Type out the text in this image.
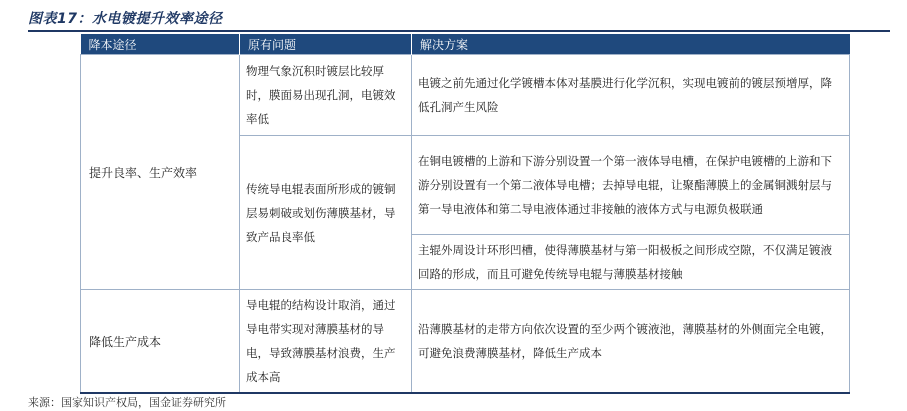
图表17：水电镀提升效率途径
降本途径	原有问题	解决方案
提升良率、生产效率	物理气象沉积时镀层比较厚时，膜面易出现孔洞，电镀效率低	电镀之前先通过化学镀槽本体对基膜进行化学沉积，实现电镀前的镀层预增厚，降低孔洞产生风险
	传统导电辊表面所形成的镀铜层易刺破或划伤薄膜基材，导致产品良率低	在铜电镀槽的上游和下游分别设置一个第一液体导电槽，在保护电镀槽的上游和下游分别设置有一个第二液体导电槽；去掉导电辊，让聚酯薄膜上的金属铜溅射层与第一导电液体和第二导电液体通过非接触的液体方式与电源负极联通
		主辊外周设计环形凹槽，使得薄膜基材与第一阳极板之间形成空隙，不仅满足镀液回路的形成，而且可避免传统导电辊与薄膜基材接触
降低生产成本	导电辊的结构设计取消，通过导电带实现对薄膜基材的导电，导致薄膜基材浪费，生产成本高	沿薄膜基材的走带方向依次设置的至少两个镀液池，薄膜基材的外侧面完全电镀，可避免浪费薄膜基材，降低生产成本
来源：国家知识产权局，国金证券研究所
